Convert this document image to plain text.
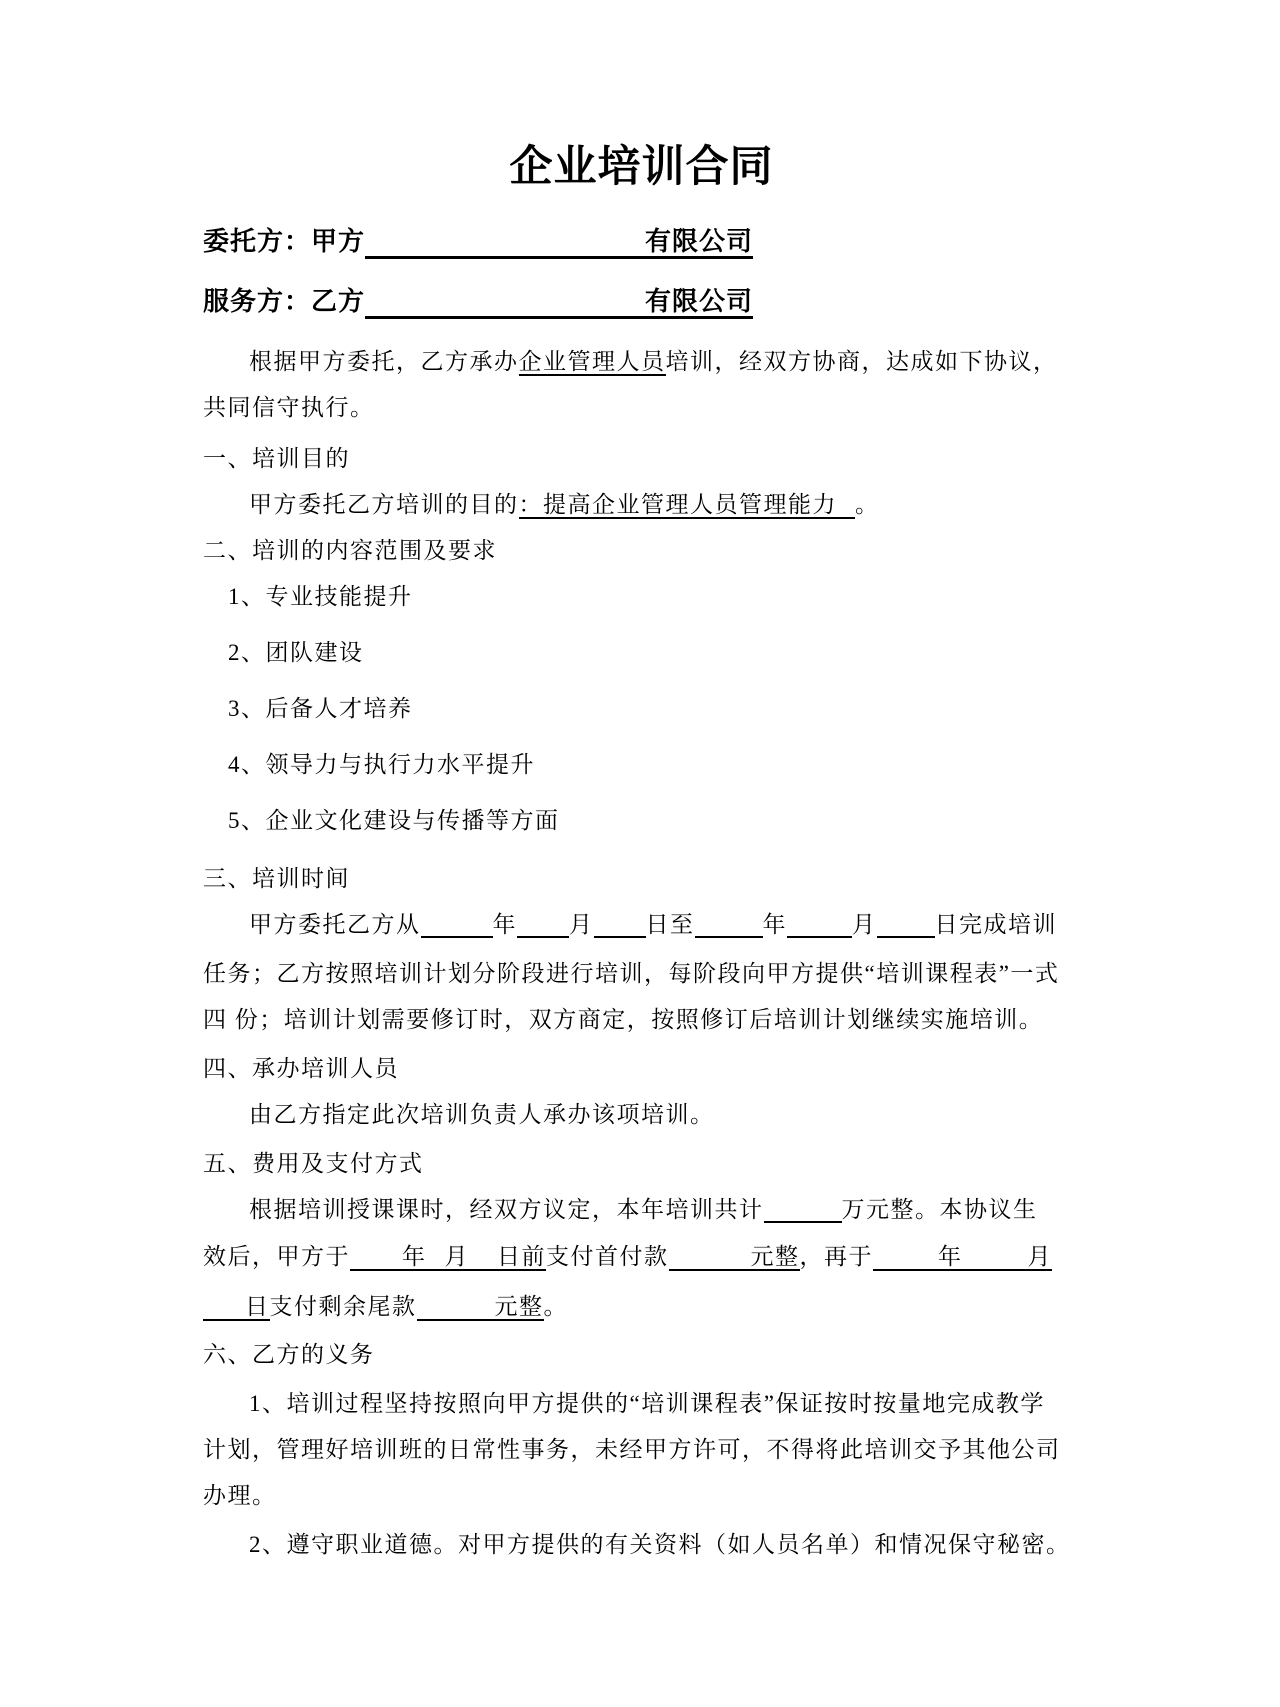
企业培训合同
委托方：甲方	有限公司
服务方：乙方	有限公司
根据甲方委托，乙方承办企业管理人员培训，经双方协商，达成如下协议，
共同信守执行。
一、培训目的
甲方委托乙方培训的目的：提高企业管理人员管理能力 。
二、培训的内容范围及要求
1、专业技能提升
2、团队建设
3、后备人才培养
4、领导力与执行力水平提升
5、企业文化建设与传播等方面
三、培训时间
甲方委托乙方从	年 月 日至	年	月	日完成培训
任务；乙方按照培训计划分阶段进行培训，每阶段向甲方提供“培训课程表”一式
四 份；培训计划需要修订时，双方商定，按照修订后培训计划继续实施培训。
四、承办培训人员
由乙方指定此次培训负责人承办该项培训。
五、费用及支付方式
根据培训授课课时，经双方议定，本年培训共计	万元整。本协议生
效后，甲方于 年 月 日前支付首付款	元整，再于	年	月
日支付剩余尾款	元整。
六、乙方的义务
1、培训过程坚持按照向甲方提供的“培训课程表”保证按时按量地完成教学
计划，管理好培训班的日常性事务，未经甲方许可，不得将此培训交予其他公司
办理。
2、遵守职业道德。对甲方提供的有关资料（如人员名单）和情况保守秘密。
